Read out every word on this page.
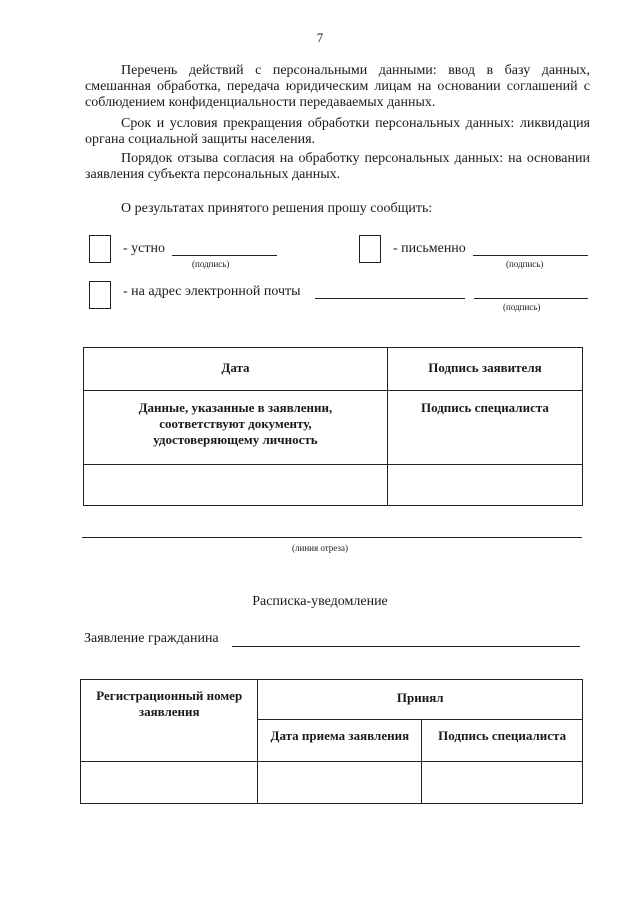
7
Перечень действий с персональными данными: ввод в базу данных, смешанная обработка, передача юридическим лицам на основании соглашений с соблюдением конфиденциальности передаваемых данных.
Срок и условия прекращения обработки персональных данных: ликвидация органа социальной защиты населения.
Порядок отзыва согласия на обработку персональных данных: на основании заявления субъекта персональных данных.
О результатах принятого решения прошу сообщить:
- устно
(подпись)
- письменно
(подпись)
- на адрес электронной почты
(подпись)
Дата	Подпись заявителя
Данные, указанные в заявлении, соответствуют документу, удостоверяющему личность	Подпись специалиста

(линия отреза)
Расписка-уведомление
Заявление гражданина
Регистрационный номер заявления	Принял	
	Дата приема заявления	Подпись специалиста
